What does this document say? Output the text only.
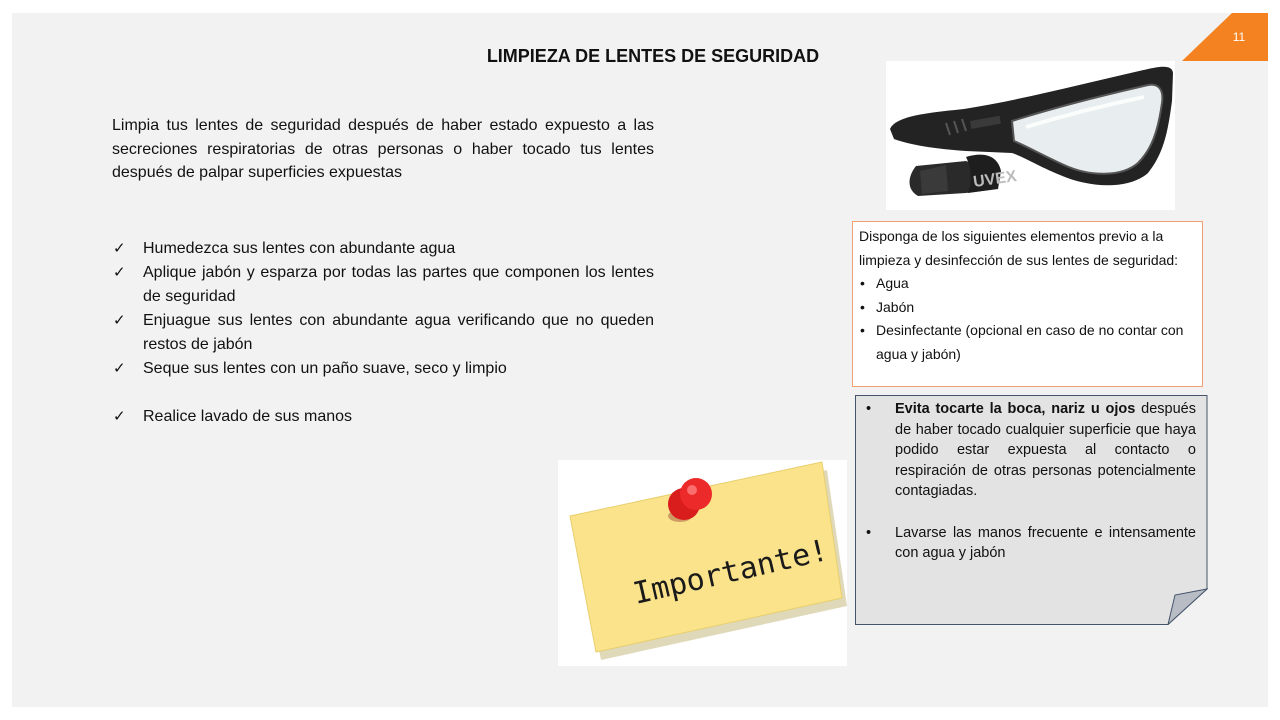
11
LIMPIEZA DE LENTES DE SEGURIDAD
Limpia tus lentes de seguridad después de haber estado expuesto a las secreciones respiratorias de otras personas o haber tocado tus lentes después de palpar superficies expuestas
✓ Humedezca sus lentes con abundante agua
✓ Aplique jabón y esparza por todas las partes que componen los lentes de seguridad
✓ Enjuague sus lentes con abundante agua verificando que no queden restos de jabón
✓ Seque sus lentes con un paño suave, seco y limpio
✓ Realice lavado de sus manos
UVEX
Disponga de los siguientes elementos previo a la limpieza y desinfección de sus lentes de seguridad:
• Agua
• Jabón
• Desinfectante (opcional en caso de no contar con agua y jabón)
• Evita tocarte la boca, nariz u ojos después de haber tocado cualquier superficie que haya podido estar expuesta al contacto o respiración de otras personas potencialmente contagiadas.
• Lavarse las manos frecuente e intensamente con agua y jabón
Importante!
